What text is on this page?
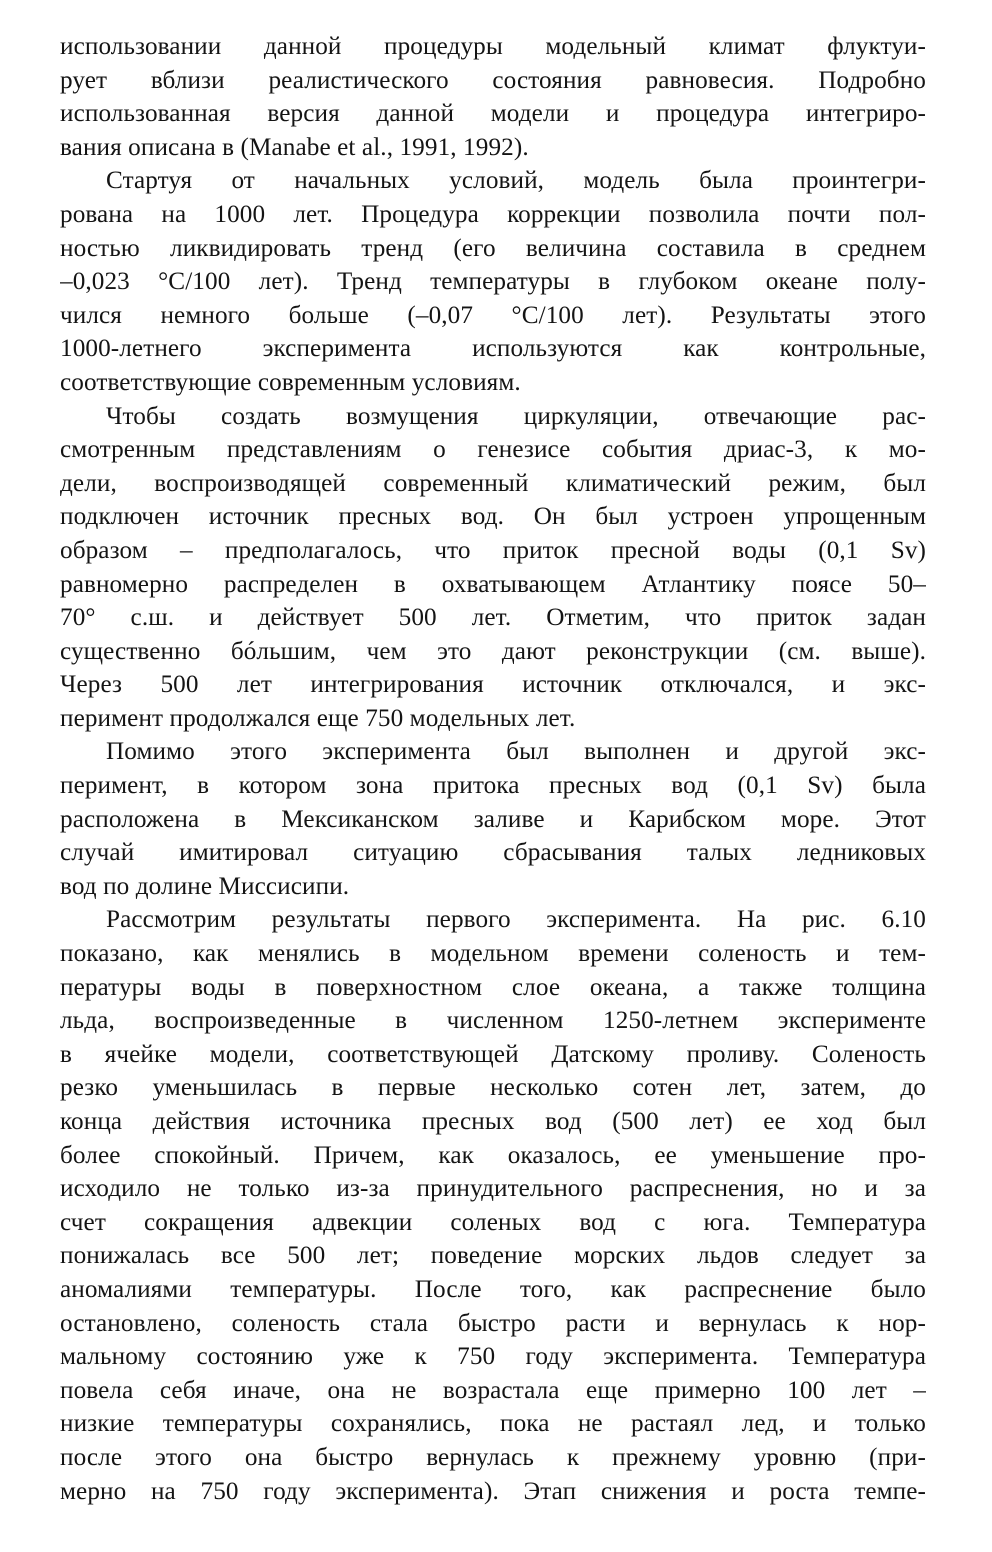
использовании данной процедуры модельный климат флуктуи-
рует вблизи реалистического состояния равновесия. Подробно
использованная версия данной модели и процедура интегриро-
вания описана в (Manabe et al., 1991, 1992).

Стартуя от начальных условий, модель была проинтегри-
рована на 1000 лет. Процедура коррекции позволила почти пол-
ностью ликвидировать тренд (его величина составила в среднем
–0,023 °С/100 лет). Тренд температуры в глубоком океане полу-
чился немного больше (–0,07 °С/100 лет). Результаты этого
1000-летнего эксперимента используются как контрольные,
соответствующие современным условиям.

Чтобы создать возмущения циркуляции, отвечающие рас-
смотренным представлениям о генезисе события дриас-3, к мо-
дели, воспроизводящей современный климатический режим, был
подключен источник пресных вод. Он был устроен упрощенным
образом – предполагалось, что приток пресной воды (0,1 Sv)
равномерно распределен в охватывающем Атлантику поясе 50–
70° с.ш. и действует 500 лет. Отметим, что приток задан
существенно бóльшим, чем это дают реконструкции (см. выше).
Через 500 лет интегрирования источник отключался, и экс-
перимент продолжался еще 750 модельных лет.

Помимо этого эксперимента был выполнен и другой экс-
перимент, в котором зона притока пресных вод (0,1 Sv) была
расположена в Мексиканском заливе и Карибском море. Этот
случай имитировал ситуацию сбрасывания талых ледниковых
вод по долине Миссисипи.

Рассмотрим результаты первого эксперимента. На рис. 6.10
показано, как менялись в модельном времени соленость и тем-
пературы воды в поверхностном слое океана, а также толщина
льда, воспроизведенные в численном 1250-летнем эксперименте
в ячейке модели, соответствующей Датскому проливу. Соленость
резко уменьшилась в первые несколько сотен лет, затем, до
конца действия источника пресных вод (500 лет) ее ход был
более спокойный. Причем, как оказалось, ее уменьшение про-
исходило не только из-за принудительного распреснения, но и за
счет сокращения адвекции соленых вод с юга. Температура
понижалась все 500 лет; поведение морских льдов следует за
аномалиями температуры. После того, как распреснение было
остановлено, соленость стала быстро расти и вернулась к нор-
мальному состоянию уже к 750 году эксперимента. Температура
повела себя иначе, она не возрастала еще примерно 100 лет –
низкие температуры сохранялись, пока не растаял лед, и только
после этого она быстро вернулась к прежнему уровню (при-
мерно на 750 году эксперимента). Этап снижения и роста темпе-
